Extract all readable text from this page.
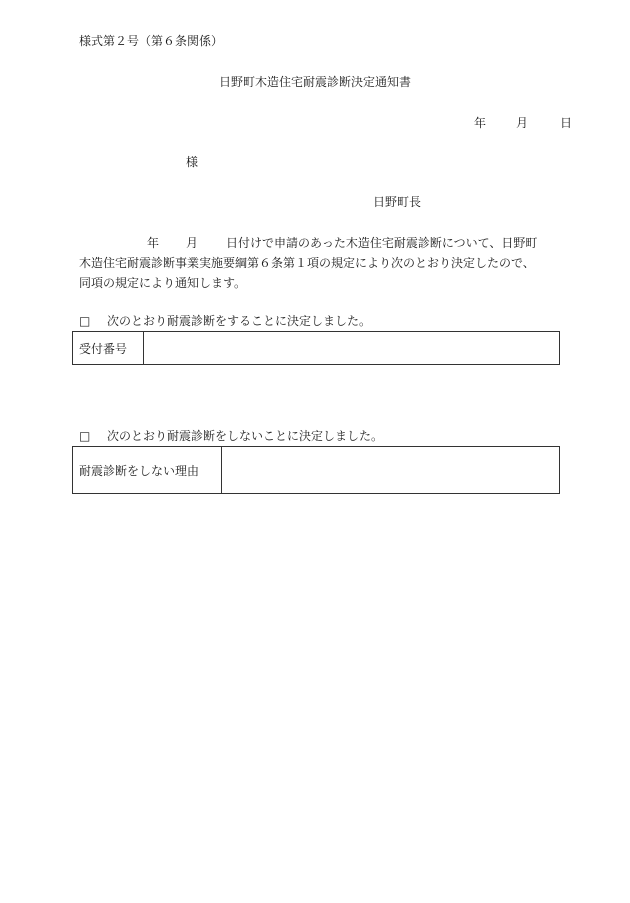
様式第２号（第６条関係）
日野町木造住宅耐震診断決定通知書
年 月	日
様
日野町長
年 月 日付けで申請のあった木造住宅耐震診断について、日野町
木造住宅耐震診断事業実施要綱第６条第１項の規定により次のとおり決定したので、
同項の規定により通知します。
□ 次のとおり耐震診断をすることに決定しました。
受付番号	
□ 次のとおり耐震診断をしないことに決定しました。
耐震診断をしない理由	
